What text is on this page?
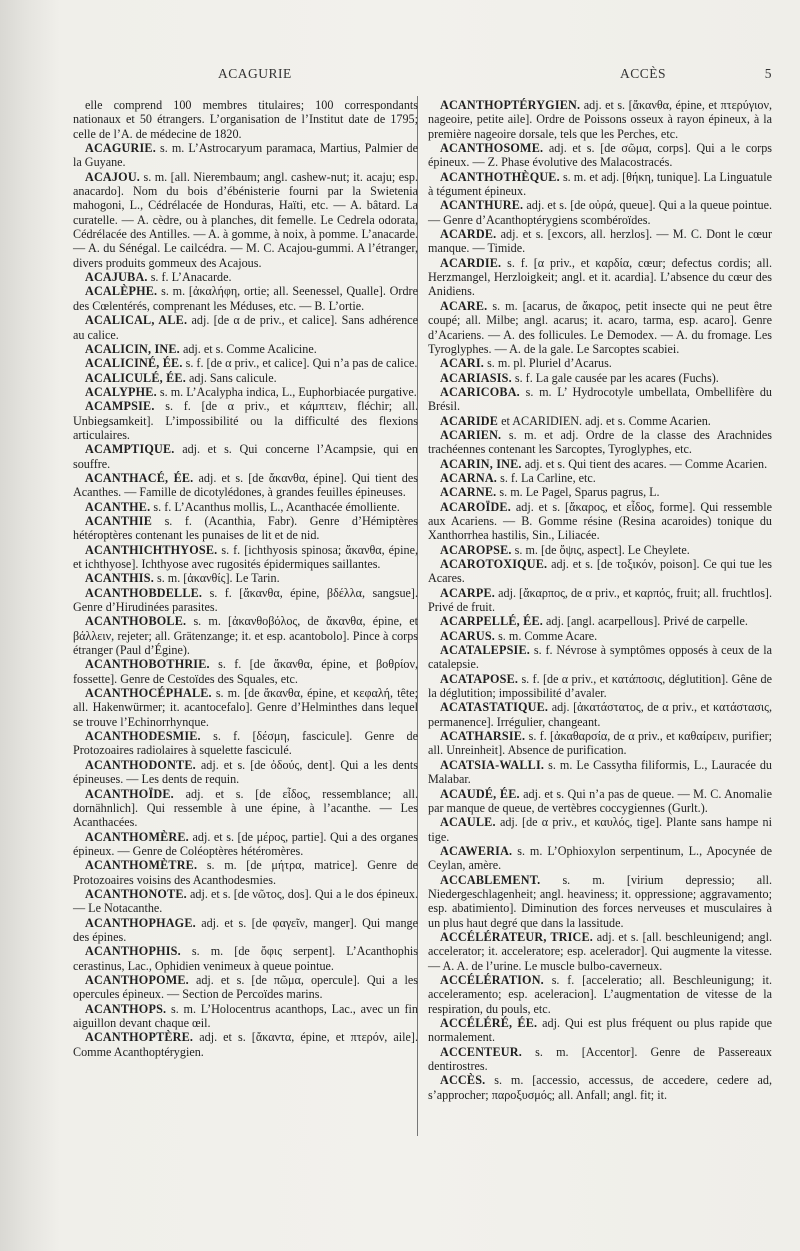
ACAGURIE	ACCÈS	5

elle comprend 100 membres titulaires; 100 correspondants nationaux et 50 étrangers. L’organisation de l’Institut date de 1795; celle de l’A. de médecine de 1820.

ACAGURIE. s. m. L’Astrocaryum paramaca, Martius, Palmier de la Guyane.

ACAJOU. s. m. [all. Nierembaum; angl. cashew-nut; it. acaju; esp. anacardo]. Nom du bois d’ébénisterie fourni par la Swietenia mahogoni, L., Cédrélacée de Honduras, Haïti, etc. — A. bâtard. La curatelle. — A. cèdre, ou à planches, dit femelle. Le Cedrela odorata, Cédrélacée des Antilles. — A. à gomme, à noix, à pomme. L’anacarde. — A. du Sénégal. Le cailcédra. — M. C. Acajou-gummi. A l’étranger, divers produits gommeux des Acajous.

ACAJUBA. s. f. L’Anacarde.

ACALÈPHE. s. m. [ἀκαλήφη, ortie; all. Seenessel, Qualle]. Ordre des Cœlentérés, comprenant les Méduses, etc. — B. L’ortie.

ACALICAL, ALE. adj. [de α de priv., et calice]. Sans adhérence au calice.

ACALICIN, INE. adj. et s. Comme Acalicine.

ACALICINÉ, ÉE. s. f. [de α priv., et calice]. Qui n’a pas de calice.

ACALICULÉ, ÉE. adj. Sans calicule.

ACALYPHE. s. m. L’Acalypha indica, L., Euphorbiacée purgative.

ACAMPSIE. s. f. [de α priv., et κάμπτειν, fléchir; all. Unbiegsamkeit]. L’impossibilité ou la difficulté des flexions articulaires.

ACAMPTIQUE. adj. et s. Qui concerne l’Acampsie, qui en souffre.

ACANTHACÉ, ÉE. adj. et s. [de ἄκανθα, épine]. Qui tient des Acanthes. — Famille de dicotylédones, à grandes feuilles épineuses.

ACANTHE. s. f. L’Acanthus mollis, L., Acanthacée émolliente.

ACANTHIE s. f. (Acanthia, Fabr). Genre d’Hémiptères hétéroptères contenant les punaises de lit et de nid.

ACANTHICHTHYOSE. s. f. [ichthyosis spinosa; ἄκανθα, épine, et ichthyose]. Ichthyose avec rugosités épidermiques saillantes.

ACANTHIS. s. m. [ἀκανθίς]. Le Tarin.

ACANTHOBDELLE. s. f. [ἄκανθα, épine, βδέλλα, sangsue]. Genre d’Hirudinées parasites.

ACANTHOBOLE. s. m. [ἀκανθοβόλος, de ἄκανθα, épine, et βάλλειν, rejeter; all. Grätenzange; it. et esp. acantobolo]. Pince à corps étranger (Paul d’Égine).

ACANTHOBOTHRIE. s. f. [de ἄκανθα, épine, et βοθρίον, fossette]. Genre de Cestoïdes des Squales, etc.

ACANTHOCÉPHALE. s. m. [de ἄκανθα, épine, et κεφαλή, tête; all. Hakenwürmer; it. acantocefalo]. Genre d’Helminthes dans lequel se trouve l’Echinorrhynque.

ACANTHODESMIE. s. f. [δέσμη, fascicule]. Genre de Protozoaires radiolaires à squelette fasciculé.

ACANTHODONTE. adj. et s. [de ὀδούς, dent]. Qui a les dents épineuses. — Les dents de requin.

ACANTHOÏDE. adj. et s. [de εἶδος, ressemblance; all. dornähnlich]. Qui ressemble à une épine, à l’acanthe. — Les Acanthacées.

ACANTHOMÈRE. adj. et s. [de μέρος, partie]. Qui a des organes épineux. — Genre de Coléoptères hétéromères.

ACANTHOMÈTRE. s. m. [de μήτρα, matrice]. Genre de Protozoaires voisins des Acanthodesmies.

ACANTHONOTE. adj. et s. [de νῶτος, dos]. Qui a le dos épineux. — Le Notacanthe.

ACANTHOPHAGE. adj. et s. [de φαγεῖν, manger]. Qui mange des épines.

ACANTHOPHIS. s. m. [de ὄφις serpent]. L’Acanthophis cerastinus, Lac., Ophidien venimeux à queue pointue.

ACANTHOPOME. adj. et s. [de πῶμα, opercule]. Qui a les opercules épineux. — Section de Percoïdes marins.

ACANTHOPS. s. m. L’Holocentrus acanthops, Lac., avec un fin aiguillon devant chaque œil.

ACANTHOPTÈRE. adj. et s. [ἄκαντα, épine, et πτερόν, aile]. Comme Acanthoptérygien.

ACANTHOPTÉRYGIEN. adj. et s. [ἄκανθα, épine, et πτερύγιον, nageoire, petite aile]. Ordre de Poissons osseux à rayon épineux, à la première nageoire dorsale, tels que les Perches, etc.

ACANTHOSOME. adj. et s. [de σῶμα, corps]. Qui a le corps épineux. — Z. Phase évolutive des Malacostracés.

ACANTHOTHÈQUE. s. m. et adj. [θήκη, tunique]. La Linguatule à tégument épineux.

ACANTHURE. adj. et s. [de οὐρά, queue]. Qui a la queue pointue. — Genre d’Acanthoptérygiens scombéroïdes.

ACARDE. adj. et s. [excors, all. herzlos]. — M. C. Dont le cœur manque. — Timide.

ACARDIE. s. f. [α priv., et καρδία, cœur; defectus cordis; all. Herzmangel, Herzloigkeit; angl. et it. acardia]. L’absence du cœur des Anidiens.

ACARE. s. m. [acarus, de ἄκαρος, petit insecte qui ne peut être coupé; all. Milbe; angl. acarus; it. acaro, tarma, esp. acaro]. Genre d’Acariens. — A. des follicules. Le Demodex. — A. du fromage. Les Tyroglyphes. — A. de la gale. Le Sarcoptes scabiei.

ACARI. s. m. pl. Pluriel d’Acarus.

ACARIASIS. s. f. La gale causée par les acares (Fuchs).

ACARICOBA. s. m. L’ Hydrocotyle umbellata, Ombellifère du Brésil.

ACARIDE et ACARIDIEN. adj. et s. Comme Acarien.

ACARIEN. s. m. et adj. Ordre de la classe des Arachnides trachéennes contenant les Sarcoptes, Tyroglyphes, etc.

ACARIN, INE. adj. et s. Qui tient des acares. — Comme Acarien.

ACARNA. s. f. La Carline, etc.

ACARNE. s. m. Le Pagel, Sparus pagrus, L.

ACAROÏDE. adj. et s. [ἄκαρος, et εἶδος, forme]. Qui ressemble aux Acariens. — B. Gomme résine (Resina acaroides) tonique du Xanthorrhea hastilis, Sin., Liliacée.

ACAROPSE. s. m. [de ὄψις, aspect]. Le Cheylete.

ACAROTOXIQUE. adj. et s. [de τοξικόν, poison]. Ce qui tue les Acares.

ACARPE. adj. [ἄκαρπος, de α priv., et καρπός, fruit; all. fruchtlos]. Privé de fruit.

ACARPELLÉ, ÉE. adj. [angl. acarpellous]. Privé de carpelle.

ACARUS. s. m. Comme Acare.

ACATALEPSIE. s. f. Névrose à symptômes opposés à ceux de la catalepsie.

ACATAPOSE. s. f. [de α priv., et κατάποσις, déglutition]. Gêne de la déglutition; impossibilité d’avaler.

ACATASTATIQUE. adj. [ἀκατάστατος, de α priv., et κατάστασις, permanence]. Irrégulier, changeant.

ACATHARSIE. s. f. [ἀκαθαρσία, de α priv., et καθαίρειν, purifier; all. Unreinheit]. Absence de purification.

ACATSIA-WALLI. s. m. Le Cassytha filiformis, L., Lauracée du Malabar.

ACAUDÉ, ÉE. adj. et s. Qui n’a pas de queue. — M. C. Anomalie par manque de queue, de vertèbres coccygiennes (Gurlt.).

ACAULE. adj. [de α priv., et καυλός, tige]. Plante sans hampe ni tige.

ACAWERIA. s. m. L’Ophioxylon serpentinum, L., Apocynée de Ceylan, amère.

ACCABLEMENT. s. m. [virium depressio; all. Niedergeschlagenheit; angl. heaviness; it. oppressione; aggravamento; esp. abatimiento]. Diminution des forces nerveuses et musculaires à un plus haut degré que dans la lassitude.

ACCÉLÉRATEUR, TRICE. adj. et s. [all. beschleunigend; angl. accelerator; it. acceleratore; esp. acelerador]. Qui augmente la vitesse. — A. A. de l’urine. Le muscle bulbo-caverneux.

ACCÉLÉRATION. s. f. [acceleratio; all. Beschleunigung; it. acceleramento; esp. aceleracion]. L’augmentation de vitesse de la respiration, du pouls, etc.

ACCÉLÉRÉ, ÉE. adj. Qui est plus fréquent ou plus rapide que normalement.

ACCENTEUR. s. m. [Accentor]. Genre de Passereaux dentirostres.

ACCÈS. s. m. [accessio, accessus, de accedere, cedere ad, s’approcher; παροξυσμός; all. Anfall; angl. fit; it.
